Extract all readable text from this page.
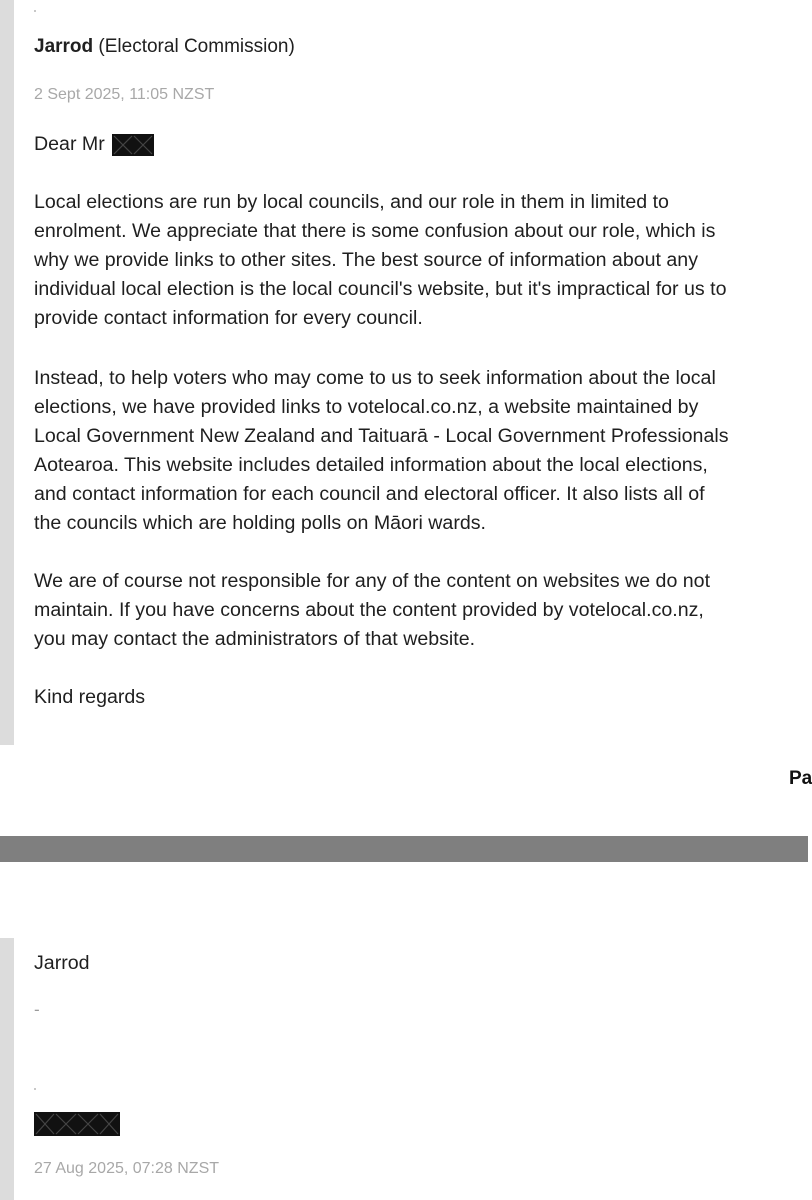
Jarrod (Electoral Commission)
2 Sept 2025, 11:05 NZST
Dear Mr
Local elections are run by local councils, and our role in them in limited to
enrolment. We appreciate that there is some confusion about our role, which is
why we provide links to other sites. The best source of information about any
individual local election is the local council's website, but it's impractical for us to
provide contact information for every council.
Instead, to help voters who may come to us to seek information about the local
elections, we have provided links to votelocal.co.nz, a website maintained by
Local Government New Zealand and Taituarā - Local Government Professionals
Aotearoa. This website includes detailed information about the local elections,
and contact information for each council and electoral officer. It also lists all of
the councils which are holding polls on Māori wards.
We are of course not responsible for any of the content on websites we do not
maintain. If you have concerns about the content provided by votelocal.co.nz,
you may contact the administrators of that website.
Kind regards
Pa
Jarrod
-
27 Aug 2025, 07:28 NZST
